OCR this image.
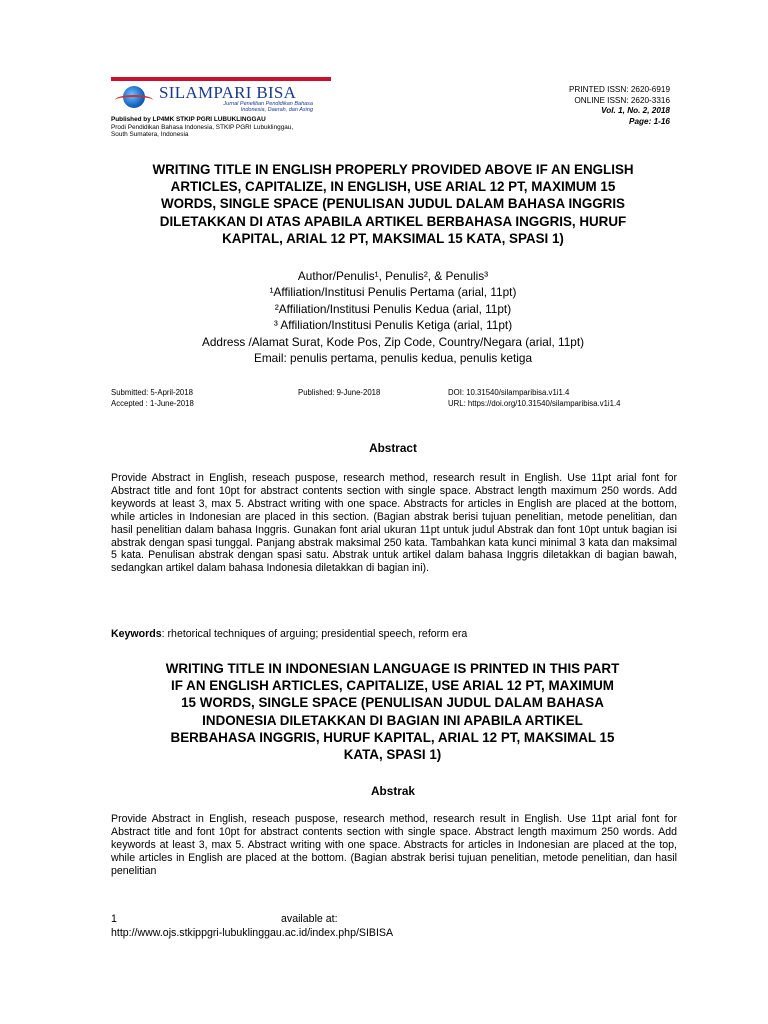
SILAMPARI BISA
Jurnal Penelitian Pendidikan Bahasa Indonesia, Daerah, dan Asing
Published by LP4MK STKIP PGRI LUBUKLINGGAU
Prodi Pendidikan Bahasa Indonesia, STKIP PGRI Lubuklinggau,
South Sumatera, Indonesia
PRINTED ISSN: 2620-6919
ONLINE ISSN: 2620-3316
Vol. 1, No. 2, 2018
Page: 1-16
WRITING TITLE IN ENGLISH PROPERLY PROVIDED ABOVE IF AN ENGLISH
ARTICLES, CAPITALIZE, IN ENGLISH, USE ARIAL 12 PT, MAXIMUM 15
WORDS, SINGLE SPACE (PENULISAN JUDUL DALAM BAHASA INGGRIS
DILETAKKAN DI ATAS APABILA ARTIKEL BERBAHASA INGGRIS, HURUF
KAPITAL, ARIAL 12 PT, MAKSIMAL 15 KATA, SPASI 1)
Author/Penulis¹, Penulis², & Penulis³
¹Affiliation/Institusi Penulis Pertama (arial, 11pt)
²Affiliation/Institusi Penulis Kedua (arial, 11pt)
³ Affiliation/Institusi Penulis Ketiga (arial, 11pt)
Address /Alamat Surat, Kode Pos, Zip Code, Country/Negara (arial, 11pt)
Email: penulis pertama, penulis kedua, penulis ketiga
Submitted: 5-April-2018
Accepted : 1-June-2018
Published: 9-June-2018	DOI: 10.31540/silamparibisa.v1i1.4
URL: https://doi.org/10.31540/silamparibisa.v1i1.4
Abstract
Provide Abstract in English, reseach puspose, research method, research result in English. Use 11pt arial font for Abstract title and font 10pt for abstract contents section with single space. Abstract length maximum 250 words. Add keywords at least 3, max 5. Abstract writing with one space. Abstracts for articles in English are placed at the bottom, while articles in Indonesian are placed in this section. (Bagian abstrak berisi tujuan penelitian, metode penelitian, dan hasil penelitian dalam bahasa Inggris. Gunakan font arial ukuran 11pt untuk judul Abstrak dan font 10pt untuk bagian isi abstrak dengan spasi tunggal. Panjang abstrak maksimal 250 kata. Tambahkan kata kunci minimal 3 kata dan maksimal 5 kata. Penulisan abstrak dengan spasi satu. Abstrak untuk artikel dalam bahasa Inggris diletakkan di bagian bawah, sedangkan artikel dalam bahasa Indonesia diletakkan di bagian ini).
Keywords: rhetorical techniques of arguing; presidential speech, reform era
WRITING TITLE IN INDONESIAN LANGUAGE IS PRINTED IN THIS PART
IF AN ENGLISH ARTICLES, CAPITALIZE, USE ARIAL 12 PT, MAXIMUM
15 WORDS, SINGLE SPACE (PENULISAN JUDUL DALAM BAHASA
INDONESIA DILETAKKAN DI BAGIAN INI APABILA ARTIKEL
BERBAHASA INGGRIS, HURUF KAPITAL, ARIAL 12 PT, MAKSIMAL 15
KATA, SPASI 1)
Abstrak
Provide Abstract in English, reseach puspose, research method, research result in English. Use 11pt arial font for Abstract title and font 10pt for abstract contents section with single space. Abstract length maximum 250 words. Add keywords at least 3, max 5. Abstract writing with one space. Abstracts for articles in Indonesian are placed at the top, while articles in English are placed at the bottom. (Bagian abstrak berisi tujuan penelitian, metode penelitian, dan hasil penelitian
1	available at:
http://www.ojs.stkippgri-lubuklinggau.ac.id/index.php/SIBISA
